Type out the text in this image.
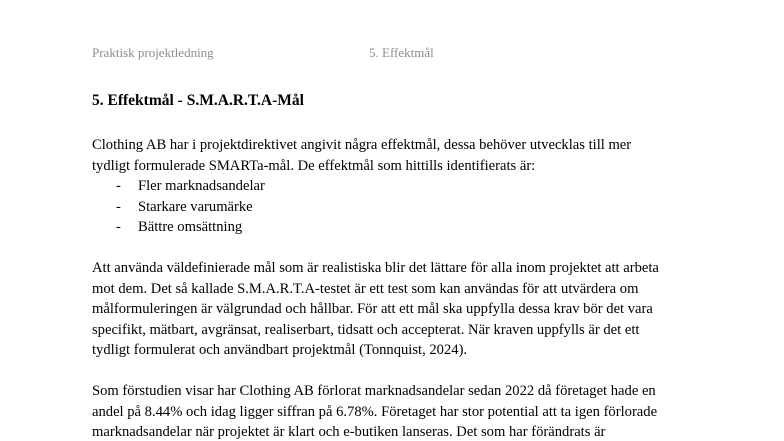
Praktisk projektledning	5. Effektmål
5. Effektmål - S.M.A.R.T.A-Mål
Clothing AB har i projektdirektivet angivit några effektmål, dessa behöver utvecklas till mer
tydligt formulerade SMARTa-mål. De effektmål som hittills identifierats är:
- Fler marknadsandelar
- Starkare varumärke
- Bättre omsättning
Att använda väldefinierade mål som är realistiska blir det lättare för alla inom projektet att arbeta
mot dem. Det så kallade S.M.A.R.T.A-testet är ett test som kan användas för att utvärdera om
målformuleringen är välgrundad och hållbar. För att ett mål ska uppfylla dessa krav bör det vara
specifikt, mätbart, avgränsat, realiserbart, tidsatt och accepterat. När kraven uppfylls är det ett
tydligt formulerat och användbart projektmål (Tonnquist, 2024).
Som förstudien visar har Clothing AB förlorat marknadsandelar sedan 2022 då företaget hade en
andel på 8.44% och idag ligger siffran på 6.78%. Företaget har stor potential att ta igen förlorade
marknadsandelar när projektet är klart och e-butiken lanseras. Det som har förändrats är
